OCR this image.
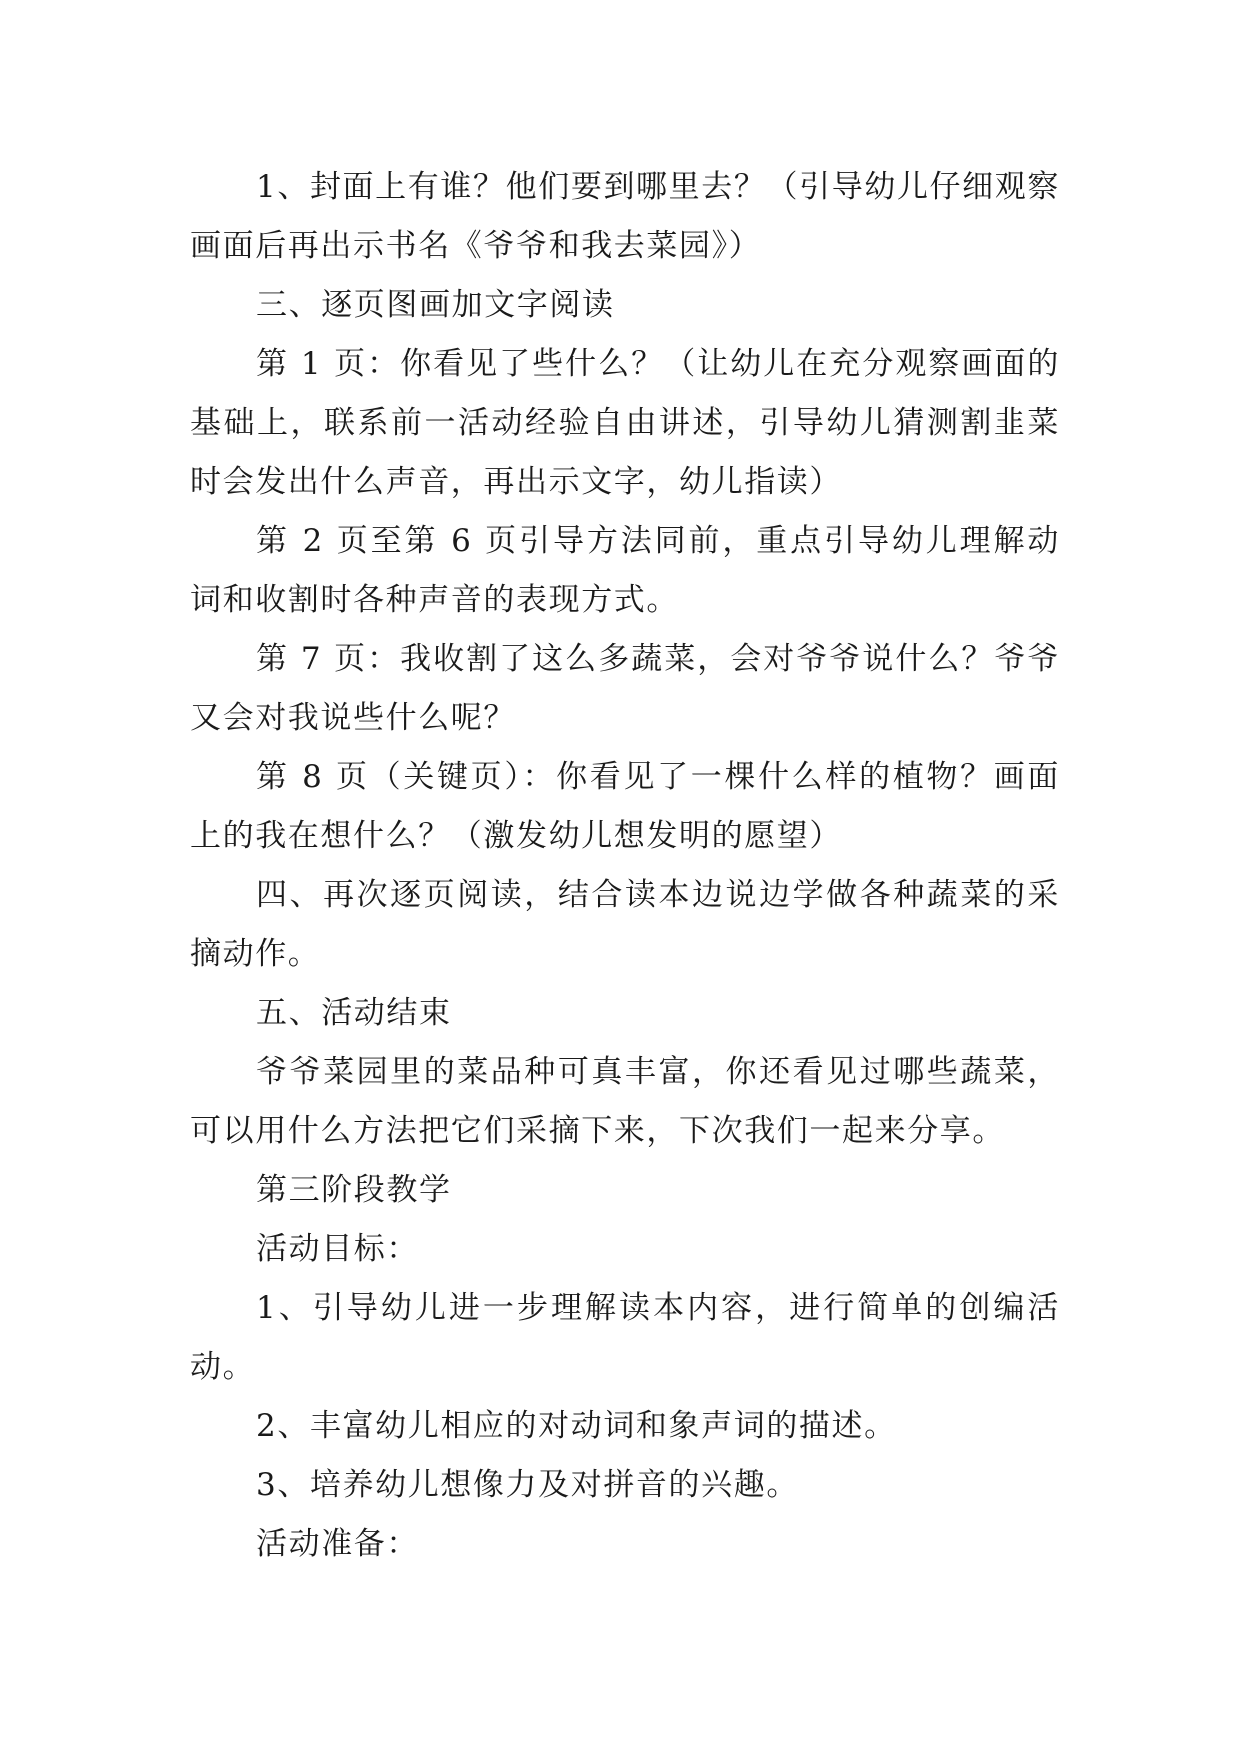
1、封面上有谁？他们要到哪里去？（引导幼儿仔细观察画面后再出示书名《爷爷和我去菜园》）

三、逐页图画加文字阅读

第 1 页：你看见了些什么？（让幼儿在充分观察画面的基础上，联系前一活动经验自由讲述，引导幼儿猜测割韭菜时会发出什么声音，再出示文字，幼儿指读）

第 2 页至第 6 页引导方法同前，重点引导幼儿理解动词和收割时各种声音的表现方式。

第 7 页：我收割了这么多蔬菜，会对爷爷说什么？爷爷又会对我说些什么呢？

第 8 页（关键页）：你看见了一棵什么样的植物？画面上的我在想什么？（激发幼儿想发明的愿望）

四、再次逐页阅读，结合读本边说边学做各种蔬菜的采摘动作。

五、活动结束

爷爷菜园里的菜品种可真丰富，你还看见过哪些蔬菜，可以用什么方法把它们采摘下来，下次我们一起来分享。

第三阶段教学

活动目标：

1、引导幼儿进一步理解读本内容，进行简单的创编活动。

2、丰富幼儿相应的对动词和象声词的描述。

3、培养幼儿想像力及对拼音的兴趣。

活动准备：
